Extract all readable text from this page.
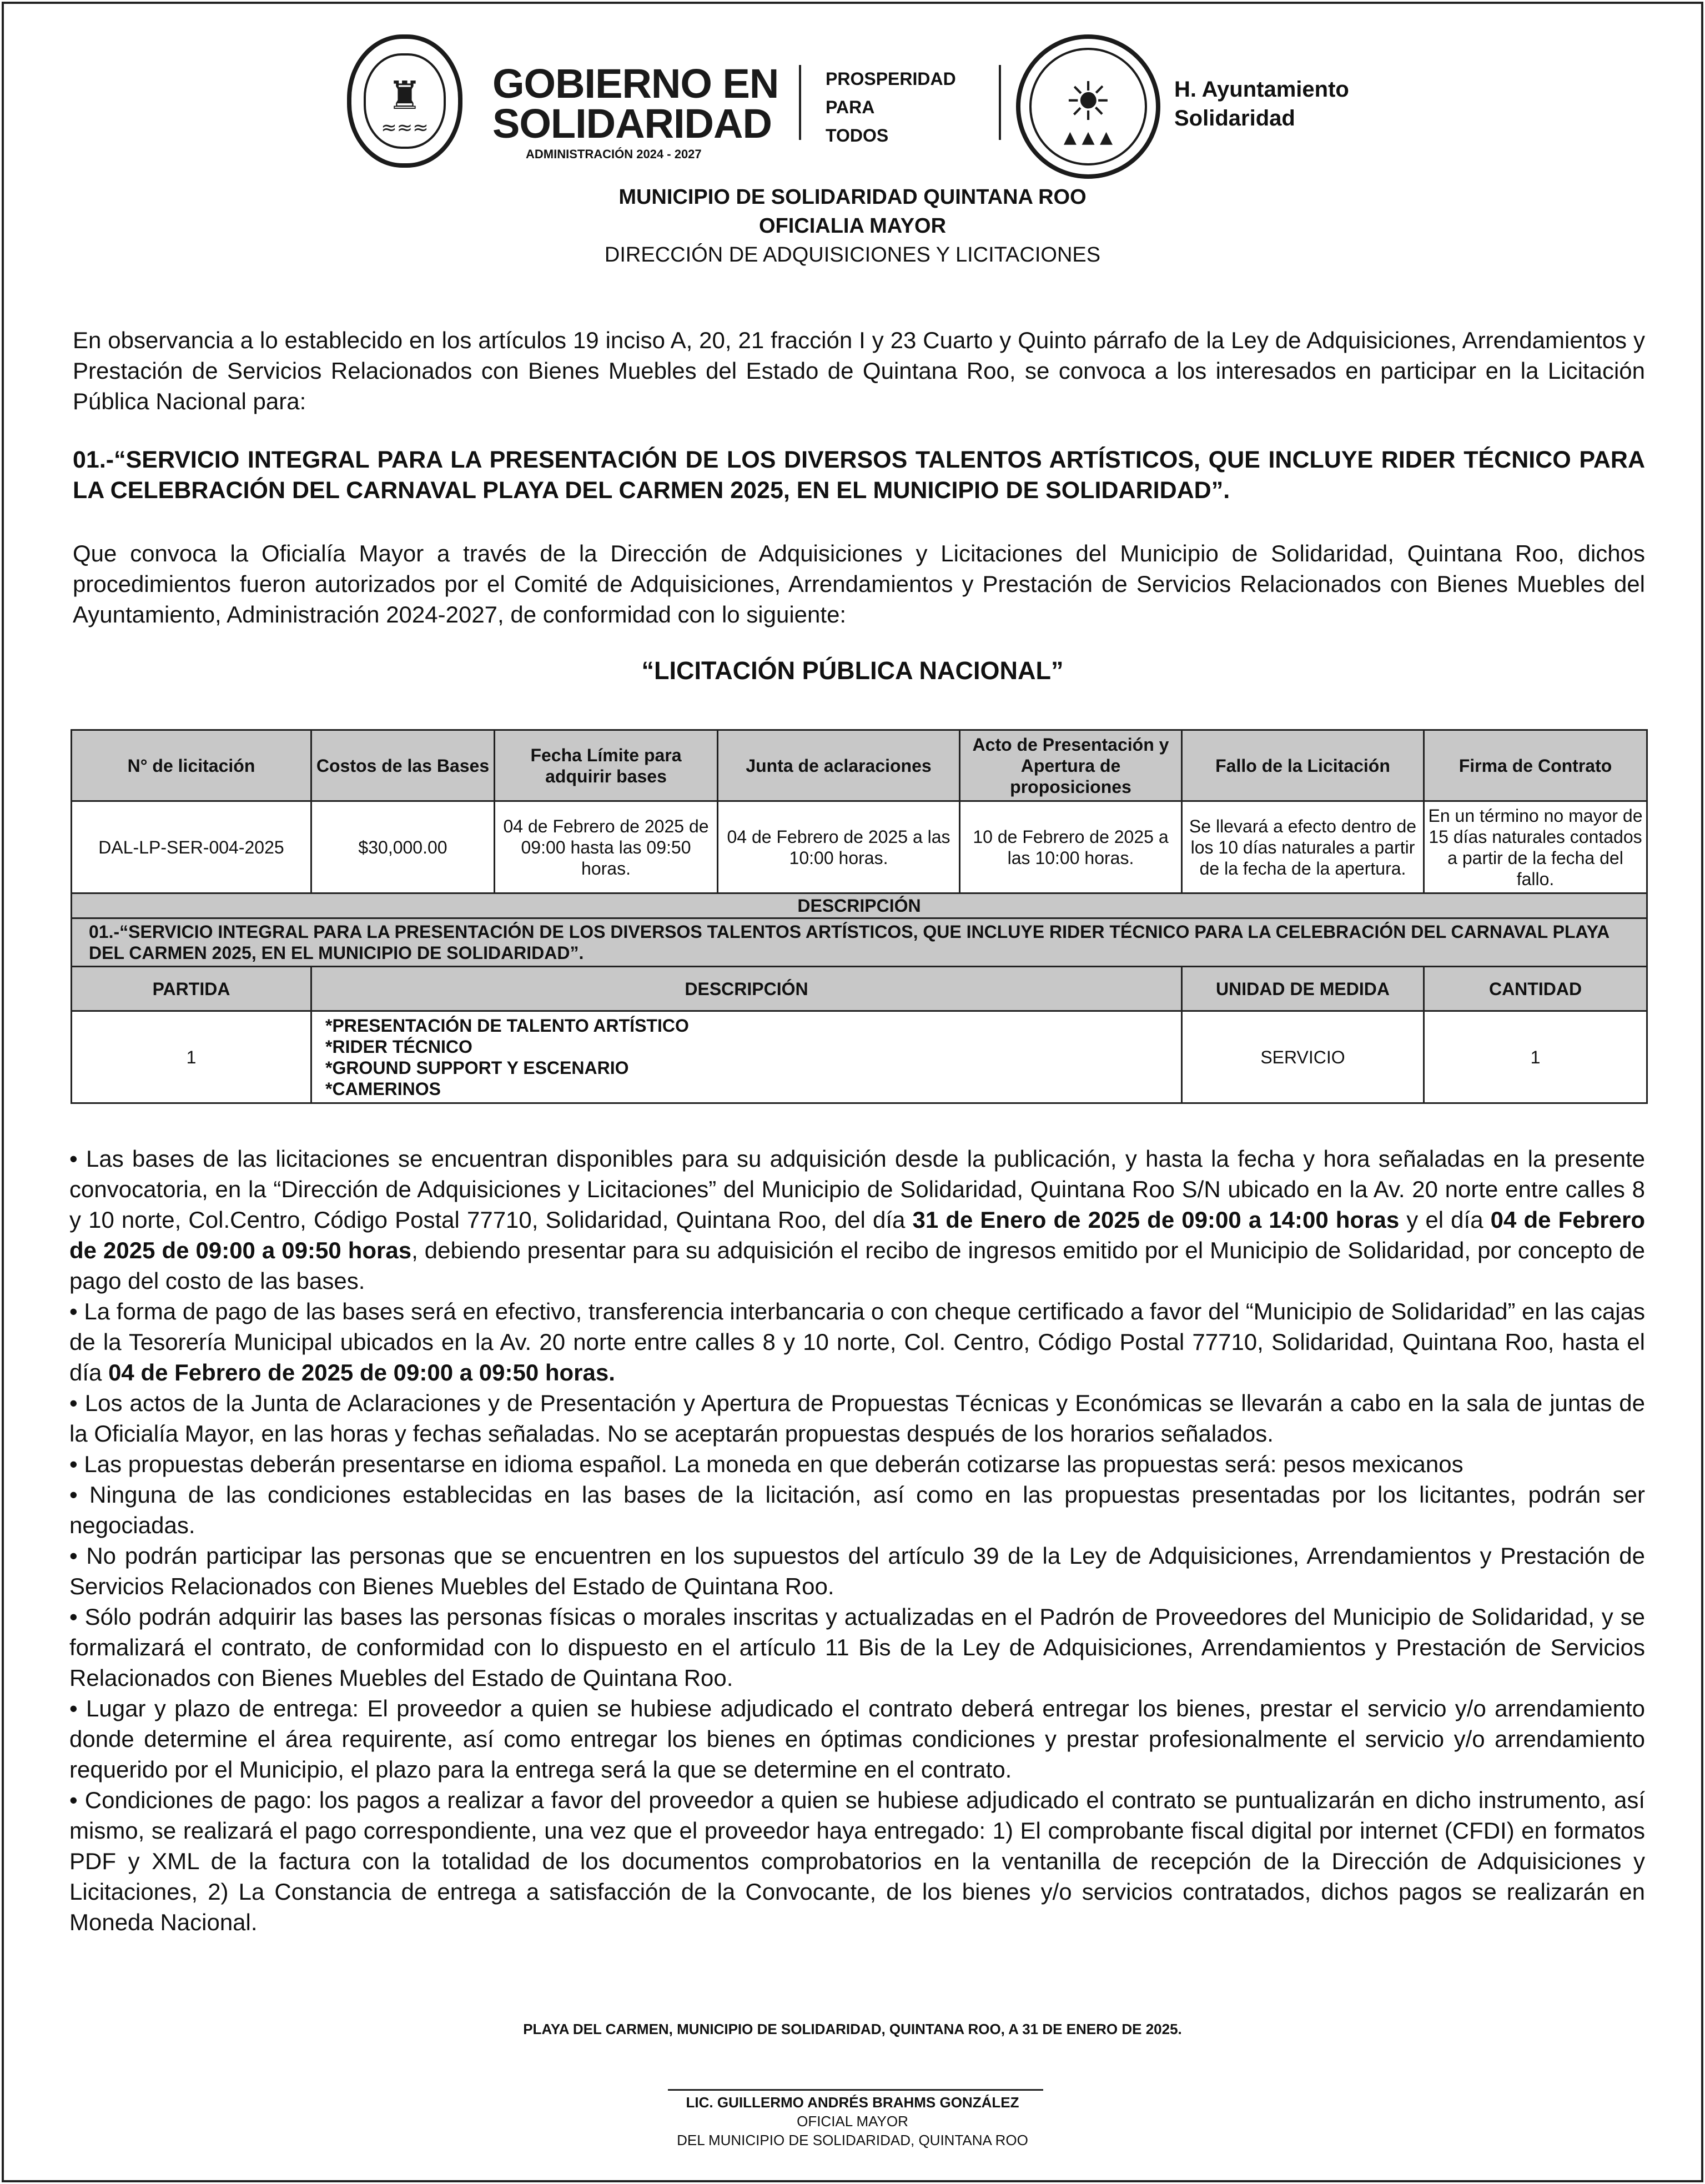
♜
≈≈≈
GOBIERNO EN
SOLIDARIDAD
ADMINISTRACIÓN 2024 - 2027
PROSPERIDAD
PARA
TODOS
☀
▲ ▲ ▲
H. Ayuntamiento
Solidaridad
MUNICIPIO DE SOLIDARIDAD QUINTANA ROO
OFICIALIA MAYOR
DIRECCIÓN DE ADQUISICIONES Y LICITACIONES

En observancia a lo establecido en los artículos 19 inciso A, 20, 21 fracción I y 23 Cuarto y Quinto párrafo de la Ley de Adquisiciones, Arrendamientos y Prestación de Servicios Relacionados con Bienes Muebles del Estado de Quintana Roo, se convoca a los interesados en participar en la Licitación Pública Nacional para:

01.-“SERVICIO INTEGRAL PARA LA PRESENTACIÓN DE LOS DIVERSOS TALENTOS ARTÍSTICOS, QUE INCLUYE RIDER TÉCNICO PARA LA CELEBRACIÓN DEL CARNAVAL PLAYA DEL CARMEN 2025, EN EL MUNICIPIO DE SOLIDARIDAD”.

Que convoca la Oficialía Mayor a través de la Dirección de Adquisiciones y Licitaciones del Municipio de Solidaridad, Quintana Roo, dichos procedimientos fueron autorizados por el Comité de Adquisiciones, Arrendamientos y Prestación de Servicios Relacionados con Bienes Muebles del Ayuntamiento, Administración 2024-2027, de conformidad con lo siguiente:

“LICITACIÓN PÚBLICA NACIONAL”
N° de licitación	Costos de las Bases	Fecha Límite para adquirir bases	Junta de aclaraciones	Acto de Presentación y Apertura de proposiciones	Fallo de la Licitación	Firma de Contrato
DAL-LP-SER-004-2025	$30,000.00	04 de Febrero de 2025 de 09:00 hasta las 09:50 horas.	04 de Febrero de 2025 a las 10:00 horas.	10 de Febrero de 2025 a las 10:00 horas.	Se llevará a efecto dentro de los 10 días naturales a partir de la fecha de la apertura.	En un término no mayor de 15 días naturales contados a partir de la fecha del fallo.
DESCRIPCIÓN						
01.-“SERVICIO INTEGRAL PARA LA PRESENTACIÓN DE LOS DIVERSOS TALENTOS ARTÍSTICOS, QUE INCLUYE RIDER TÉCNICO PARA LA CELEBRACIÓN DEL CARNAVAL PLAYA DEL CARMEN 2025, EN EL MUNICIPIO DE SOLIDARIDAD”.						
PARTIDA	DESCRIPCIÓN				UNIDAD DE MEDIDA	CANTIDAD
1	*PRESENTACIÓN DE TALENTO ARTÍSTICO
*RIDER TÉCNICO
*GROUND SUPPORT Y ESCENARIO
*CAMERINOS				SERVICIO	1

• Las bases de las licitaciones se encuentran disponibles para su adquisición desde la publicación, y hasta la fecha y hora señaladas en la presente convocatoria, en la “Dirección de Adquisiciones y Licitaciones” del Municipio de Solidaridad, Quintana Roo S/N ubicado en la Av. 20 norte entre calles 8 y 10 norte, Col.Centro, Código Postal 77710, Solidaridad, Quintana Roo, del día 31 de Enero de 2025 de 09:00 a 14:00 horas y el día 04 de Febrero de 2025 de 09:00 a 09:50 horas, debiendo presentar para su adquisición el recibo de ingresos emitido por el Municipio de Solidaridad, por concepto de pago del costo de las bases.

• La forma de pago de las bases será en efectivo, transferencia interbancaria o con cheque certificado a favor del “Municipio de Solidaridad” en las cajas de la Tesorería Municipal ubicados en la Av. 20 norte entre calles 8 y 10 norte, Col. Centro, Código Postal 77710, Solidaridad, Quintana Roo, hasta el día 04 de Febrero de 2025 de 09:00 a 09:50 horas.

• Los actos de la Junta de Aclaraciones y de Presentación y Apertura de Propuestas Técnicas y Económicas se llevarán a cabo en la sala de juntas de la Oficialía Mayor, en las horas y fechas señaladas. No se aceptarán propuestas después de los horarios señalados.

• Las propuestas deberán presentarse en idioma español. La moneda en que deberán cotizarse las propuestas será: pesos mexicanos

• Ninguna de las condiciones establecidas en las bases de la licitación, así como en las propuestas presentadas por los licitantes, podrán ser negociadas.

• No podrán participar las personas que se encuentren en los supuestos del artículo 39 de la Ley de Adquisiciones, Arrendamientos y Prestación de Servicios Relacionados con Bienes Muebles del Estado de Quintana Roo.

• Sólo podrán adquirir las bases las personas físicas o morales inscritas y actualizadas en el Padrón de Proveedores del Municipio de Solidaridad, y se formalizará el contrato, de conformidad con lo dispuesto en el artículo 11 Bis de la Ley de Adquisiciones, Arrendamientos y Prestación de Servicios Relacionados con Bienes Muebles del Estado de Quintana Roo.

• Lugar y plazo de entrega: El proveedor a quien se hubiese adjudicado el contrato deberá entregar los bienes, prestar el servicio y/o arrendamiento donde determine el área requirente, así como entregar los bienes en óptimas condiciones y prestar profesionalmente el servicio y/o arrendamiento requerido por el Municipio, el plazo para la entrega será la que se determine en el contrato.

• Condiciones de pago: los pagos a realizar a favor del proveedor a quien se hubiese adjudicado el contrato se puntualizarán en dicho instrumento, así mismo, se realizará el pago correspondiente, una vez que el proveedor haya entregado: 1) El comprobante fiscal digital por internet (CFDI) en formatos PDF y XML de la factura con la totalidad de los documentos comprobatorios en la ventanilla de recepción de la Dirección de Adquisiciones y Licitaciones, 2) La Constancia de entrega a satisfacción de la Convocante, de los bienes y/o servicios contratados, dichos pagos se realizarán en Moneda Nacional.

PLAYA DEL CARMEN, MUNICIPIO DE SOLIDARIDAD, QUINTANA ROO, A 31 DE ENERO DE 2025.
LIC. GUILLERMO ANDRÉS BRAHMS GONZÁLEZ
OFICIAL MAYOR
DEL MUNICIPIO DE SOLIDARIDAD, QUINTANA ROO
